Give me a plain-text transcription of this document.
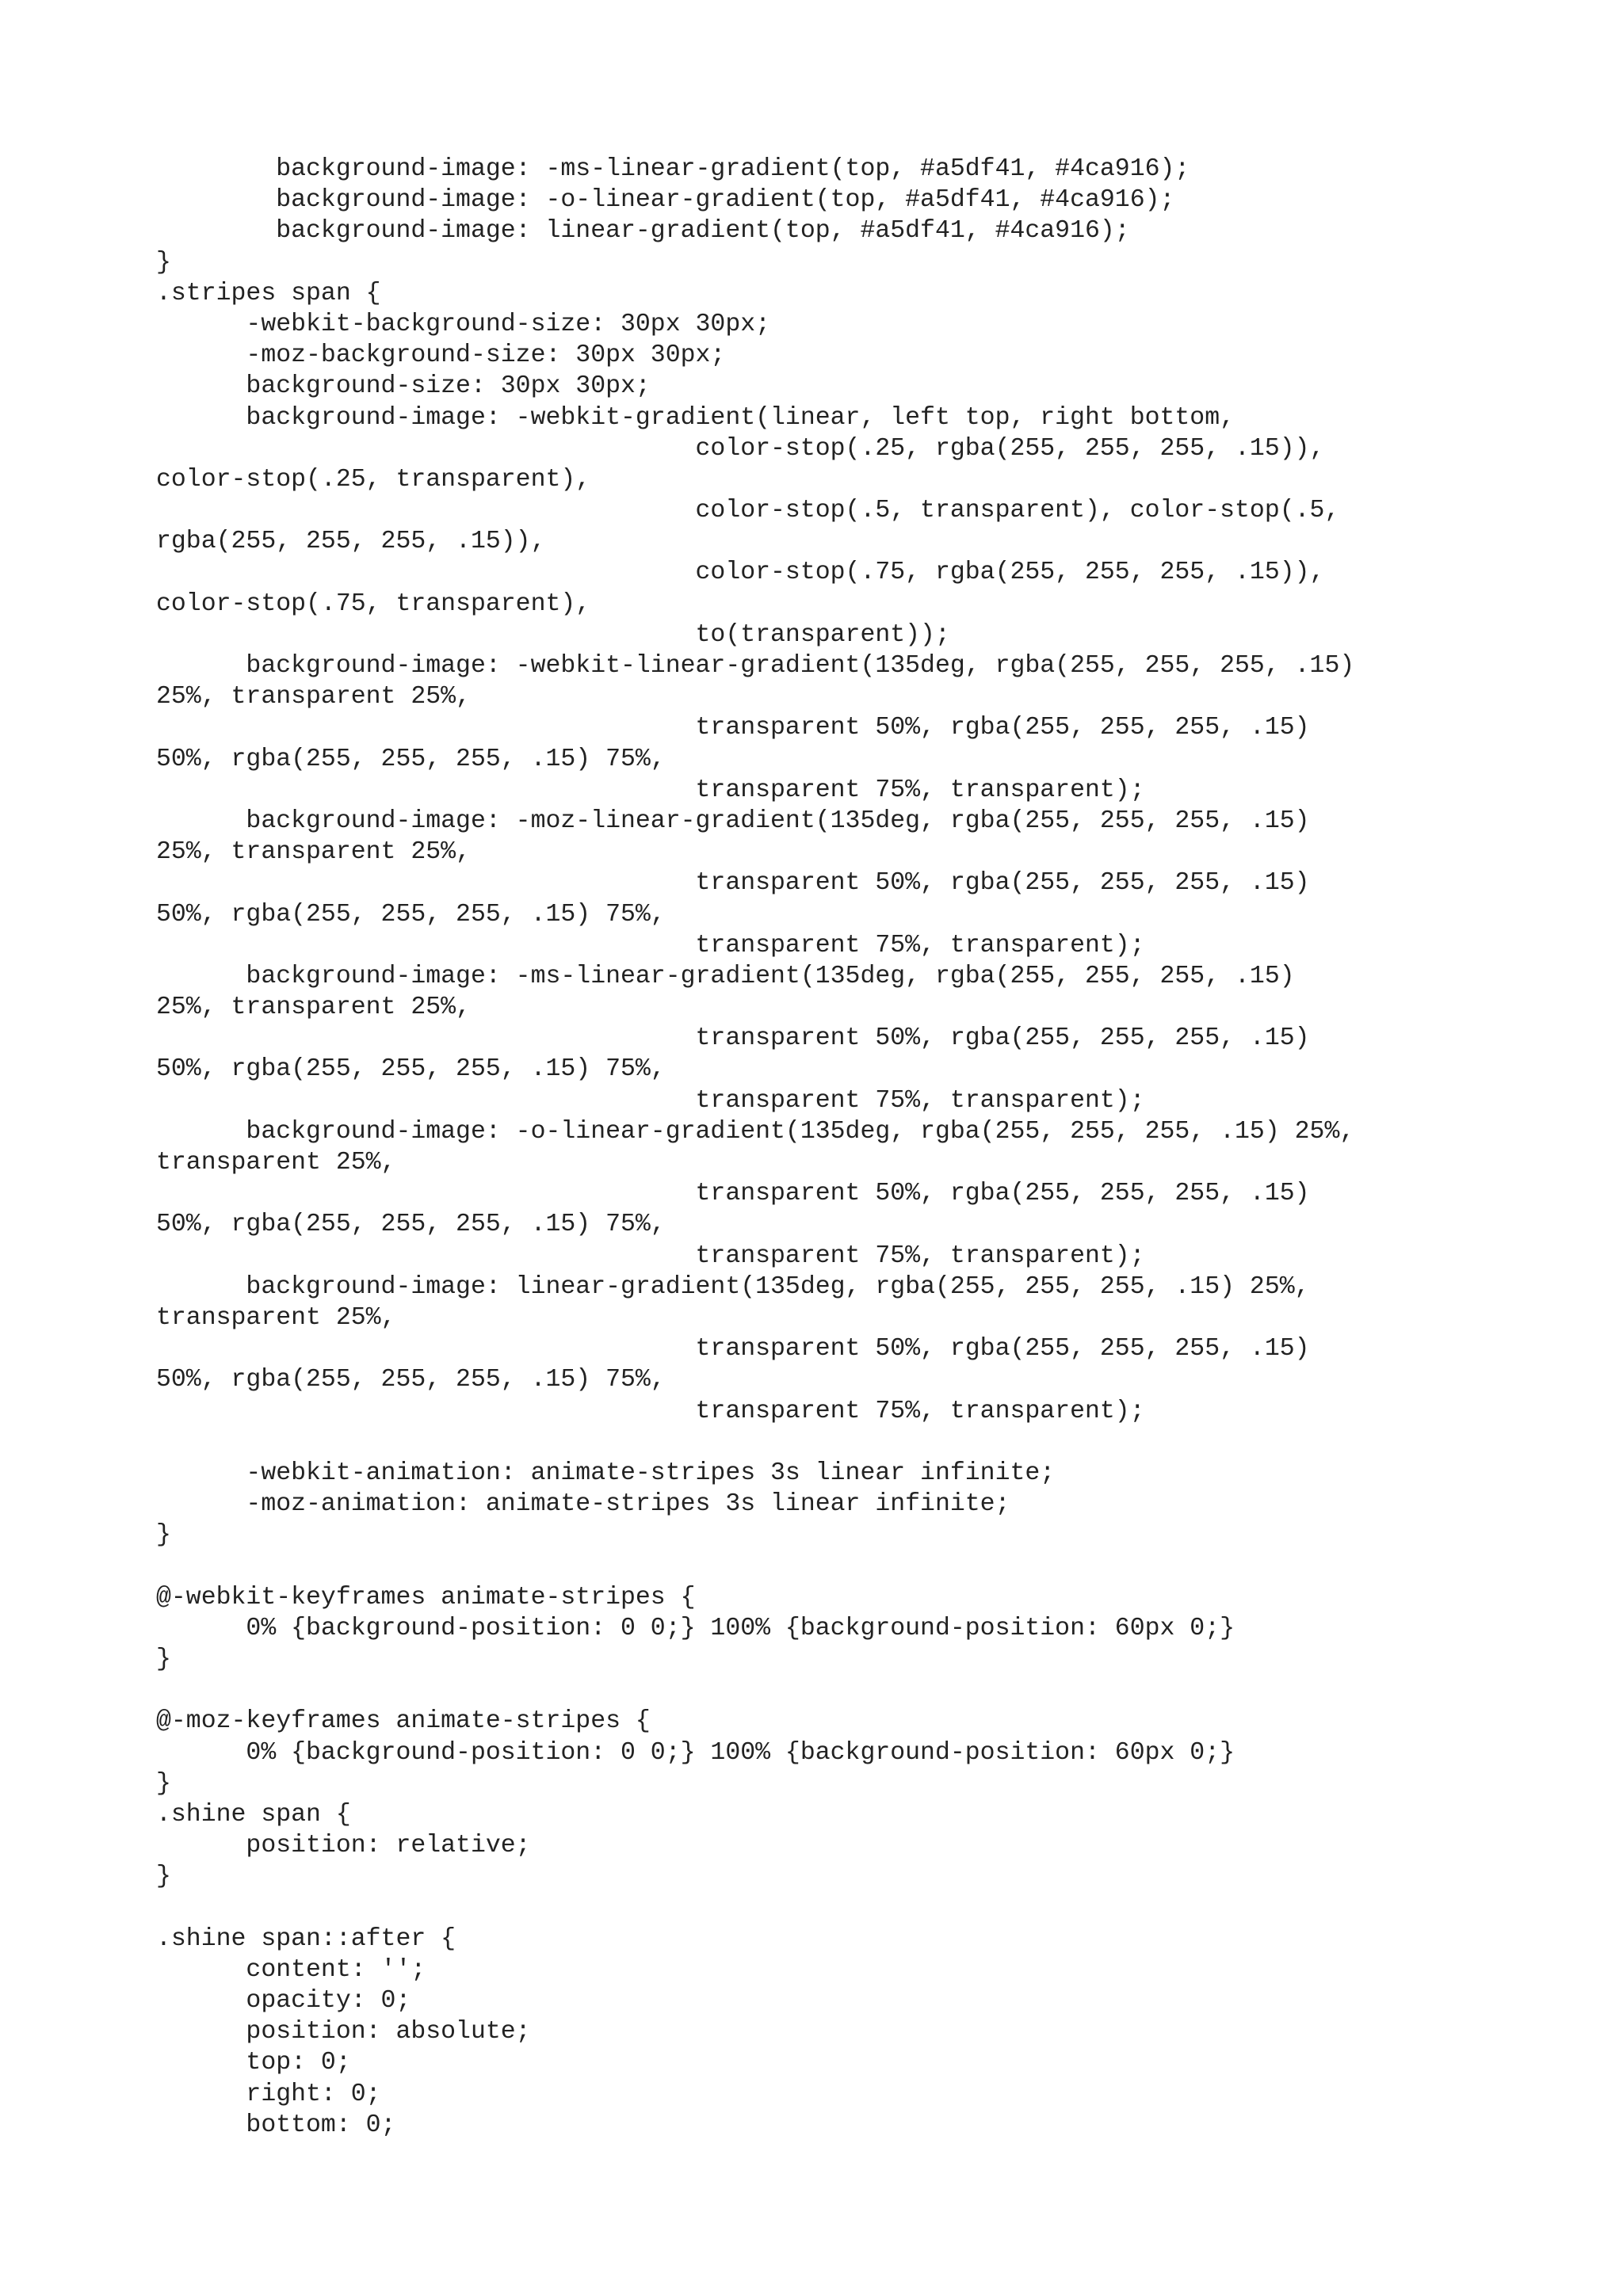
background-image: -ms-linear-gradient(top, #a5df41, #4ca916);
background-image: -o-linear-gradient(top, #a5df41, #4ca916);
background-image: linear-gradient(top, #a5df41, #4ca916);
}
.stripes span {
-webkit-background-size: 30px 30px;
-moz-background-size: 30px 30px;
background-size: 30px 30px;
background-image: -webkit-gradient(linear, left top, right bottom,
color-stop(.25, rgba(255, 255, 255, .15)),
color-stop(.25, transparent),
color-stop(.5, transparent), color-stop(.5,
rgba(255, 255, 255, .15)),
color-stop(.75, rgba(255, 255, 255, .15)),
color-stop(.75, transparent),
to(transparent));
background-image: -webkit-linear-gradient(135deg, rgba(255, 255, 255, .15)
25%, transparent 25%,
transparent 50%, rgba(255, 255, 255, .15)
50%, rgba(255, 255, 255, .15) 75%,
transparent 75%, transparent);
background-image: -moz-linear-gradient(135deg, rgba(255, 255, 255, .15)
25%, transparent 25%,
transparent 50%, rgba(255, 255, 255, .15)
50%, rgba(255, 255, 255, .15) 75%,
transparent 75%, transparent);
background-image: -ms-linear-gradient(135deg, rgba(255, 255, 255, .15)
25%, transparent 25%,
transparent 50%, rgba(255, 255, 255, .15)
50%, rgba(255, 255, 255, .15) 75%,
transparent 75%, transparent);
background-image: -o-linear-gradient(135deg, rgba(255, 255, 255, .15) 25%,
transparent 25%,
transparent 50%, rgba(255, 255, 255, .15)
50%, rgba(255, 255, 255, .15) 75%,
transparent 75%, transparent);
background-image: linear-gradient(135deg, rgba(255, 255, 255, .15) 25%,
transparent 25%,
transparent 50%, rgba(255, 255, 255, .15)
50%, rgba(255, 255, 255, .15) 75%,
transparent 75%, transparent);
-webkit-animation: animate-stripes 3s linear infinite;
-moz-animation: animate-stripes 3s linear infinite;
}
@-webkit-keyframes animate-stripes {
0% {background-position: 0 0;} 100% {background-position: 60px 0;}
}
@-moz-keyframes animate-stripes {
0% {background-position: 0 0;} 100% {background-position: 60px 0;}
}
.shine span {
position: relative;
}
.shine span::after {
content: '';
opacity: 0;
position: absolute;
top: 0;
right: 0;
bottom: 0;
